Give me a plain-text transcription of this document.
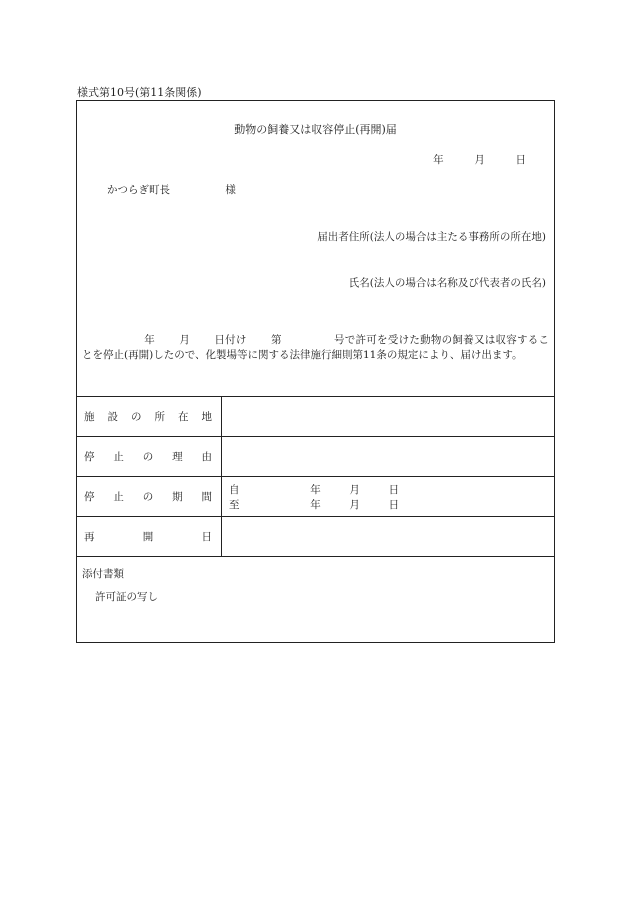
様式第10号(第11条関係)
動物の飼養又は収容停止(再開)届
年	月	日
かつらぎ町長	様
届出者住所(法人の場合は主たる事務所の所在地)
氏名(法人の場合は名称及び代表者の氏名)
年 月 日付け 第	号で許可を受けた動物の飼養又は収容することを停止(再開)したので、化製場等に関する法律施行細則第11条の規定により、届け出ます。
施設の所在地
停止の理由
停止の期間
自	年	月	日
至	年	月	日
再開日
添付書類
許可証の写し
